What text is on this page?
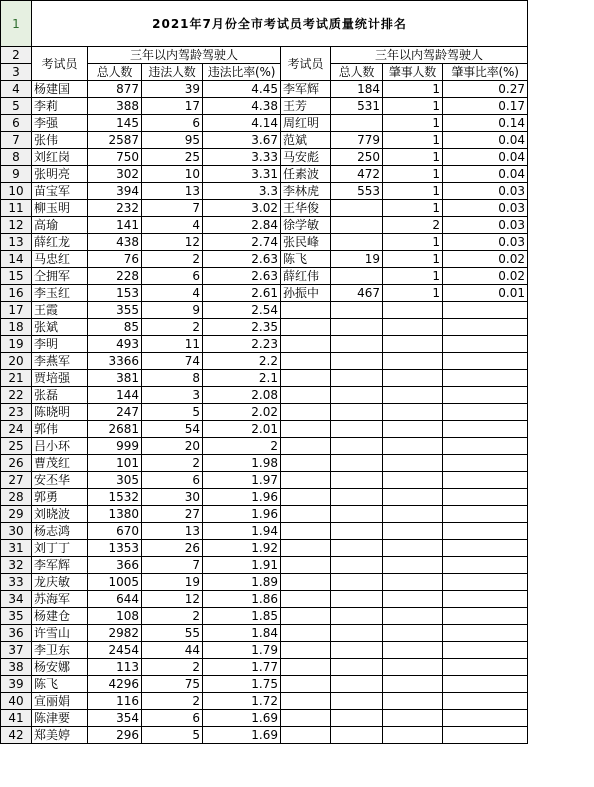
1	2021年7月份全市考试员考试质量统计排名							
2	考试员	三年以内驾龄驾驶人			考试员	三年以内驾龄驾驶人		
3		总人数	违法人数	违法比率(%)		总人数	肇事人数	肇事比率(%)
4	杨建国	877	39	4.45	李军辉	184	1	0.27
5	李莉	388	17	4.38	王芳	531	1	0.17
6	李强	145	6	4.14	周红明		1	0.14
7	张伟	2587	95	3.67	范斌	779	1	0.04
8	刘红岗	750	25	3.33	马安彪	250	1	0.04
9	张明亮	302	10	3.31	任素波	472	1	0.04
10	苗宝军	394	13	3.3	李林虎	553	1	0.03
11	柳玉明	232	7	3.02	王华俊		1	0.03
12	高瑜	141	4	2.84	徐学敏		2	0.03
13	薛红龙	438	12	2.74	张民峰		1	0.03
14	马忠红	76	2	2.63	陈飞	19	1	0.02
15	仝拥军	228	6	2.63	薛红伟		1	0.02
16	李玉红	153	4	2.61	孙振中	467	1	0.01
17	王霞	355	9	2.54				
18	张斌	85	2	2.35				
19	李明	493	11	2.23				
20	李燕军	3366	74	2.2				
21	贾培强	381	8	2.1				
22	张磊	144	3	2.08				
23	陈晓明	247	5	2.02				
24	郭伟	2681	54	2.01				
25	吕小环	999	20	2				
26	曹茂红	101	2	1.98				
27	安丕华	305	6	1.97				
28	郭勇	1532	30	1.96				
29	刘晓波	1380	27	1.96				
30	杨志鸿	670	13	1.94				
31	刘丁丁	1353	26	1.92				
32	李军辉	366	7	1.91				
33	龙庆敏	1005	19	1.89				
34	苏海军	644	12	1.86				
35	杨建仓	108	2	1.85				
36	许雪山	2982	55	1.84				
37	李卫东	2454	44	1.79				
38	杨安娜	113	2	1.77				
39	陈飞	4296	75	1.75				
40	宣丽娟	116	2	1.72				
41	陈津要	354	6	1.69				
42	郑美婷	296	5	1.69				
